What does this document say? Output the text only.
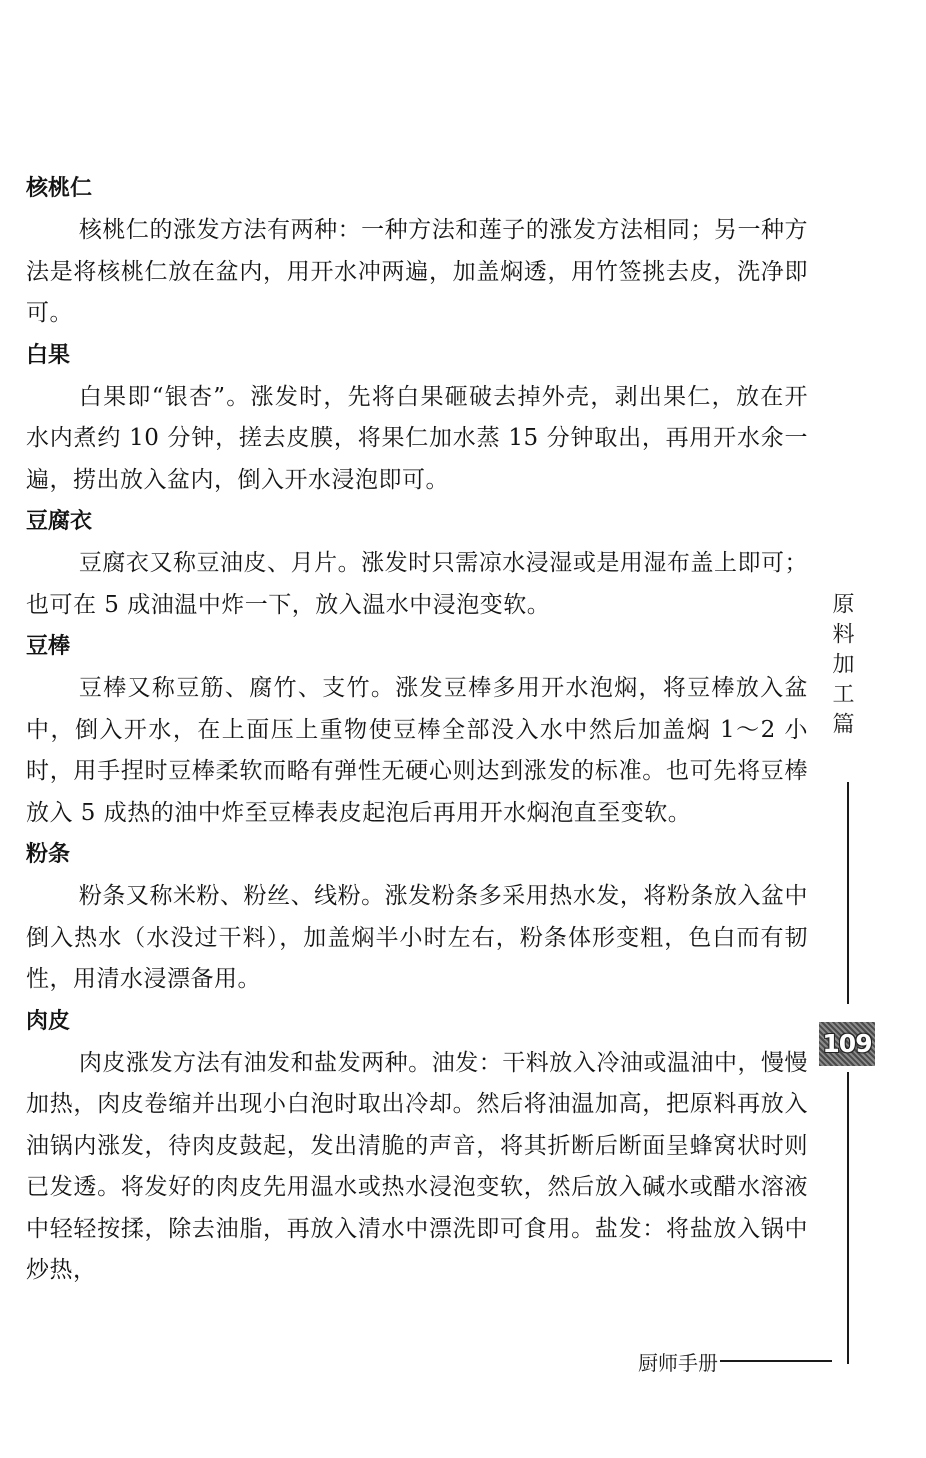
核桃仁

核桃仁的涨发方法有两种：一种方法和莲子的涨发方法相同；另一种方法是将核桃仁放在盆内，用开水冲两遍，加盖焖透，用竹签挑去皮，洗净即可。

白果

白果即“银杏”。涨发时，先将白果砸破去掉外壳，剥出果仁，放在开水内煮约 10 分钟，搓去皮膜，将果仁加水蒸 15 分钟取出，再用开水氽一遍，捞出放入盆内，倒入开水浸泡即可。

豆腐衣

豆腐衣又称豆油皮、月片。涨发时只需凉水浸湿或是用湿布盖上即可；也可在 5 成油温中炸一下，放入温水中浸泡变软。

豆棒

豆棒又称豆筋、腐竹、支竹。涨发豆棒多用开水泡焖，将豆棒放入盆中，倒入开水，在上面压上重物使豆棒全部没入水中然后加盖焖 1～2 小时，用手捏时豆棒柔软而略有弹性无硬心则达到涨发的标准。也可先将豆棒放入 5 成热的油中炸至豆棒表皮起泡后再用开水焖泡直至变软。

粉条

粉条又称米粉、粉丝、线粉。涨发粉条多采用热水发，将粉条放入盆中倒入热水（水没过干料），加盖焖半小时左右，粉条体形变粗，色白而有韧性，用清水浸漂备用。

肉皮

肉皮涨发方法有油发和盐发两种。油发：干料放入冷油或温油中，慢慢加热，肉皮卷缩并出现小白泡时取出冷却。然后将油温加高，把原料再放入油锅内涨发，待肉皮鼓起，发出清脆的声音，将其折断后断面呈蜂窝状时则已发透。将发好的肉皮先用温水或热水浸泡变软，然后放入碱水或醋水溶液中轻轻按揉，除去油脂，再放入清水中漂洗即可食用。盐发：将盐放入锅中炒热，

原料加工篇
109
厨师手册
